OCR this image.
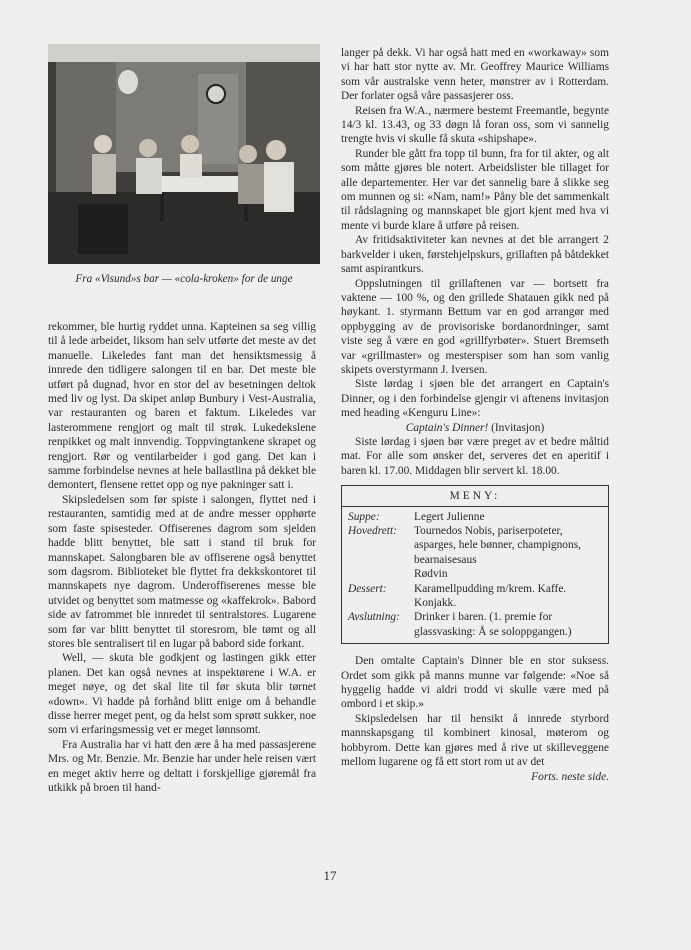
Fra «Visund»s bar — «cola-kroken» for de unge

rekommer, ble hurtig ryddet unna. Kapteinen sa seg villig til å lede arbeidet, liksom han selv utførte det meste av det manuelle. Likeledes fant man det hensiktsmessig å innrede den tidligere salongen til en bar. Det meste ble utført på dugnad, hvor en stor del av besetningen deltok med liv og lyst. Da skipet anløp Bunbury i Vest-Australia, var restauranten og baren et faktum. Likeledes var lasterommene rengjort og malt til strøk. Lukedekslene renpikket og malt innvendig. Toppvingtankene skrapet og rengjort. Rør og ventilarbeider i god gang. Det kan i samme forbindelse nevnes at hele ballastlina på dekket ble demontert, flensene rettet opp og nye pakninger satt i.

Skipsledelsen som før spiste i salongen, flyttet ned i restauranten, samtidig med at de andre messer opphørte som faste spisesteder. Offiserenes dagrom som sjelden hadde blitt benyttet, ble satt i stand til bruk for mannskapet. Salongbaren ble av offiserene også benyttet som dagsrom. Biblioteket ble flyttet fra dekkskontoret til mannskapets nye dagrom. Underoffiserenes messe ble utvidet og benyttet som matmesse og «kaffekrok». Babord side av fatrommet ble innredet til sentralstores. Lugarene som før var blitt benyttet til storesrom, ble tømt og all stores ble sentralisert til en lugar på babord side forkant.

Well, — skuta ble godkjent og lastingen gikk etter planen. Det kan også nevnes at inspektørene i W.A. er meget nøye, og det skal lite til før skuta blir tørnet «down». Vi hadde på forhånd blitt enige om å behandle disse herrer meget pent, og da helst som sprøtt sukker, noe som vi erfaringsmessig vet er meget lønnsomt.

Fra Australia har vi hatt den ære å ha med passasjerene Mrs. og Mr. Benzie. Mr. Benzie har under hele reisen vært en meget aktiv herre og deltatt i forskjellige gjøremål fra utkikk på broen til hand-

langer på dekk. Vi har også hatt med en «workaway» som vi har hatt stor nytte av. Mr. Geoffrey Maurice Williams som vår australske venn heter, mønstrer av i Rotterdam. Der forlater også våre passasjerer oss.

Reisen fra W.A., nærmere bestemt Freemantle, begynte 14/3 kl. 13.43, og 33 døgn lå foran oss, som vi sannelig trengte hvis vi skulle få skuta «shipshape».

Runder ble gått fra topp til bunn, fra for til akter, og alt som måtte gjøres ble notert. Arbeidslister ble tillaget for alle departementer. Her var det sannelig bare å slikke seg om munnen og si: «Nam, nam!» Påny ble det sammenkalt til rådslagning og mannskapet ble gjort kjent med hva vi mente vi burde klare å utføre på reisen.

Av fritidsaktiviteter kan nevnes at det ble arrangert 2 barkvelder i uken, førstehjelpskurs, grillaften på båtdekket samt aspirantkurs.

Oppslutningen til grillaftenen var — bortsett fra vaktene — 100 %, og den grillede Shatauen gikk ned på høykant. 1. styrmann Bettum var en god arrangør med oppbygging av de provisoriske bordanordninger, samt viste seg å være en god «grillfyrbøter». Stuert Bremseth var «grillmaster» og mesterspiser som han som vanlig skipets overstyrmann J. Iversen.

Siste lørdag i sjøen ble det arrangert en Captain's Dinner, og i den forbindelse gjengir vi aftenens invitasjon med heading «Kenguru Line»:

Captain's Dinner! (Invitasjon)

Siste lørdag i sjøen bør være preget av et bedre måltid mat. For alle som ønsker det, serveres det en aperitif i baren kl. 17.00. Middagen blir servert kl. 18.00.

MENY:
Suppe:	Legert Julienne
Hovedrett:	Tournedos Nobis, pariserpoteter, asparges, hele bønner, champignons, bearnaisesaus
Rødvin
Dessert:	Karamellpudding m/krem. Kaffe. Konjakk.
Avslutning:	Drinker i baren. (1. premie for glassvasking: Å se soloppgangen.)

Den omtalte Captain's Dinner ble en stor suksess. Ordet som gikk på manns munne var følgende: «Noe så hyggelig hadde vi aldri trodd vi skulle være med på ombord i et skip.»

Skipsledelsen har til hensikt å innrede styrbord mannskapsgang til kombinert kinosal, møterom og hobbyrom. Dette kan gjøres med å rive ut skilleveggene mellom lugarene og få ett stort rom ut av det

Forts. neste side.

17
